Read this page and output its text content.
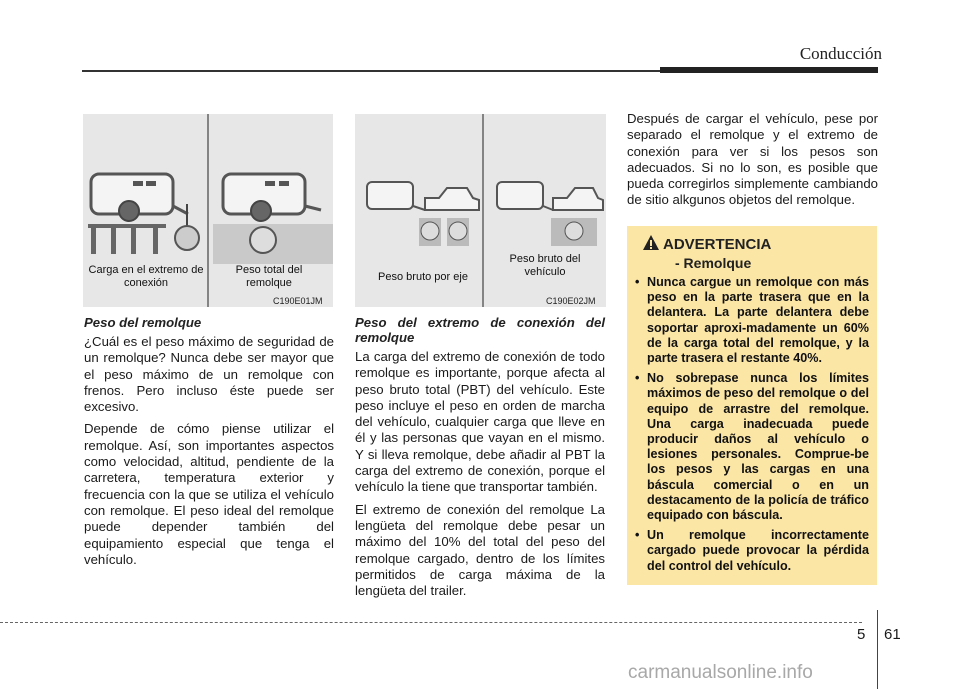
Conducción
Carga en el extremo de conexión
Peso total del remolque
C190E01JM
Peso bruto por eje
Peso bruto del vehículo
C190E02JM
Peso del remolque

¿Cuál es el peso máximo de seguridad de un remolque? Nunca debe ser mayor que el peso máximo de un remolque con frenos. Pero incluso éste puede ser excesivo.

Depende de cómo piense utilizar el remolque. Así, son importantes aspectos como velocidad, altitud, pendiente de la carretera, temperatura exterior y frecuencia con la que se utiliza el vehículo con remolque. El peso ideal del remolque puede depender también del equipamiento especial que tenga el vehículo.

Peso del extremo de conexión del remolque

La carga del extremo de conexión de todo remolque es importante, porque afecta al peso bruto total (PBT) del vehículo. Este peso incluye el peso en orden de marcha del vehículo, cualquier carga que lleve en él y las personas que vayan en el mismo. Y si lleva remolque, debe añadir al PBT la carga del extremo de conexión, porque el vehículo la tiene que transportar también.

El extremo de conexión del remolque La lengüeta del remolque debe pesar un máximo del 10% del total del peso del remolque cargado, dentro de los límites permitidos de carga máxima de la lengüeta del trailer.

Después de cargar el vehículo, pese por separado el remolque y el extremo de conexión para ver si los pesos son adecuados. Si no lo son, es posible que pueda corregirlos simplemente cambiando de sitio alkgunos objetos del remolque.

ADVERTENCIA
- Remolque
• Nunca cargue un remolque con más peso en la parte trasera que en la delantera. La parte delantera debe soportar aproxi-madamente un 60% de la carga total del remolque, y la parte trasera el restante 40%.
• No sobrepase nunca los límites máximos de peso del remolque o del equipo de arrastre del remolque. Una carga inadecuada puede producir daños al vehículo o lesiones personales. Comprue-be los pesos y las cargas en una báscula comercial o en un destacamento de la policía de tráfico equipado con báscula.
• Un remolque incorrectamente cargado puede provocar la pérdida del control del vehículo.
5 61
carmanualsonline.info
